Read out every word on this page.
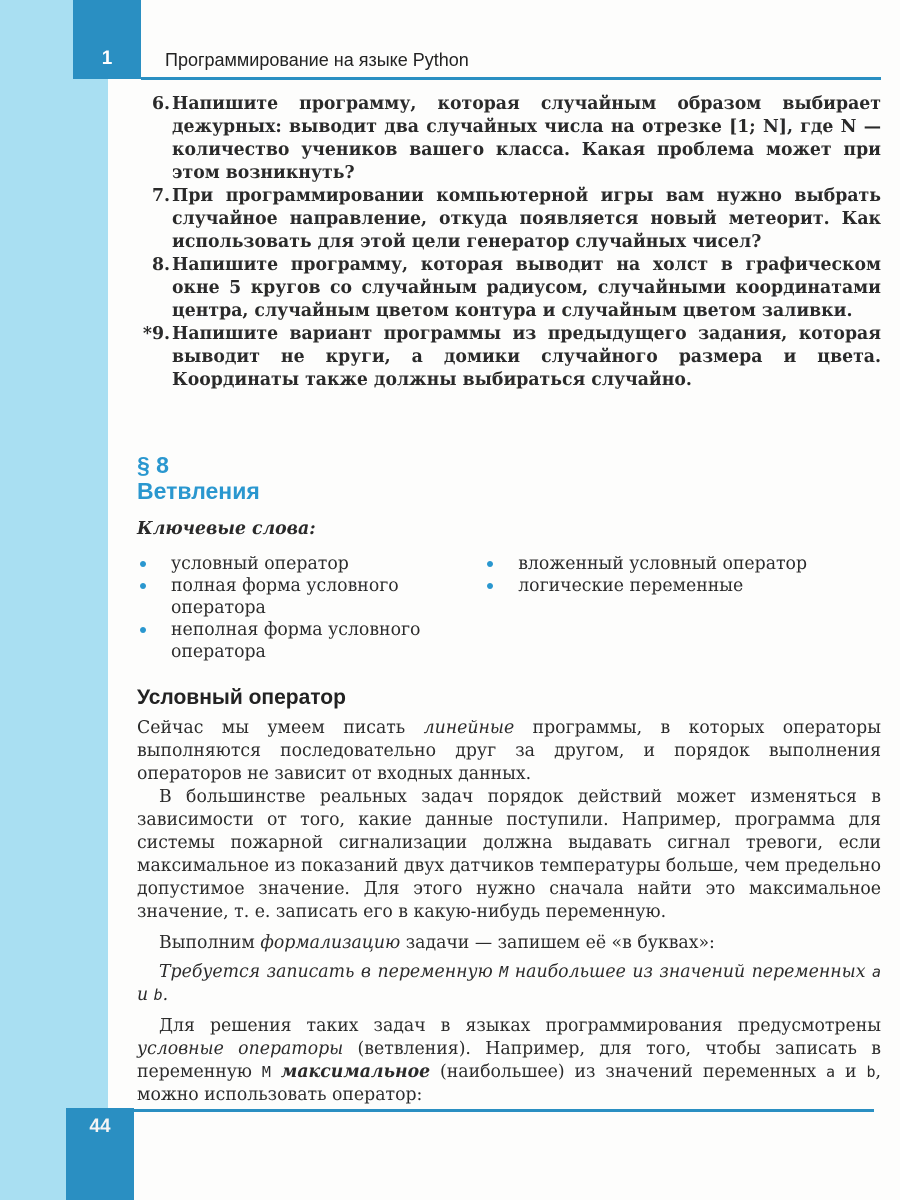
1	Программирование на языке Python
6. Напишите программу, которая случайным образом выбирает дежурных: выводит два случайных числа на отрезке [1; N], где N — количество учеников вашего класса. Какая проблема может при этом возникнуть?
7. При программировании компьютерной игры вам нужно выбрать случайное направление, откуда появляется новый метеорит. Как использовать для этой цели генератор случайных чисел?
8. Напишите программу, которая выводит на холст в графическом окне 5 кругов со случайным радиусом, случайными координатами центра, случайным цветом контура и случайным цветом заливки.
*9. Напишите вариант программы из предыдущего задания, которая выводит не круги, а домики случайного размера и цвета. Координаты также должны выбираться случайно.
§ 8
Ветвления
Ключевые слова:
условный оператор
полная форма условного оператора
неполная форма условного оператора
вложенный условный оператор
логические переменные
Условный оператор
Сейчас мы умеем писать линейные программы, в которых операторы выполняются последовательно друг за другом, и порядок выполнения операторов не зависит от входных данных.
В большинстве реальных задач порядок действий может изменяться в зависимости от того, какие данные поступили. Например, программа для системы пожарной сигнализации должна выдавать сигнал тревоги, если максимальное из показаний двух датчиков температуры больше, чем предельно допустимое значение. Для этого нужно сначала найти это максимальное значение, т. е. записать его в какую-нибудь переменную.
Выполним формализацию задачи — запишем её «в буквах»:
Требуется записать в переменную M наибольшее из значений переменных a и b.
Для решения таких задач в языках программирования предусмотрены условные операторы (ветвления). Например, для того, чтобы записать в переменную M максимальное (наибольшее) из значений переменных a и b, можно использовать оператор:
44
